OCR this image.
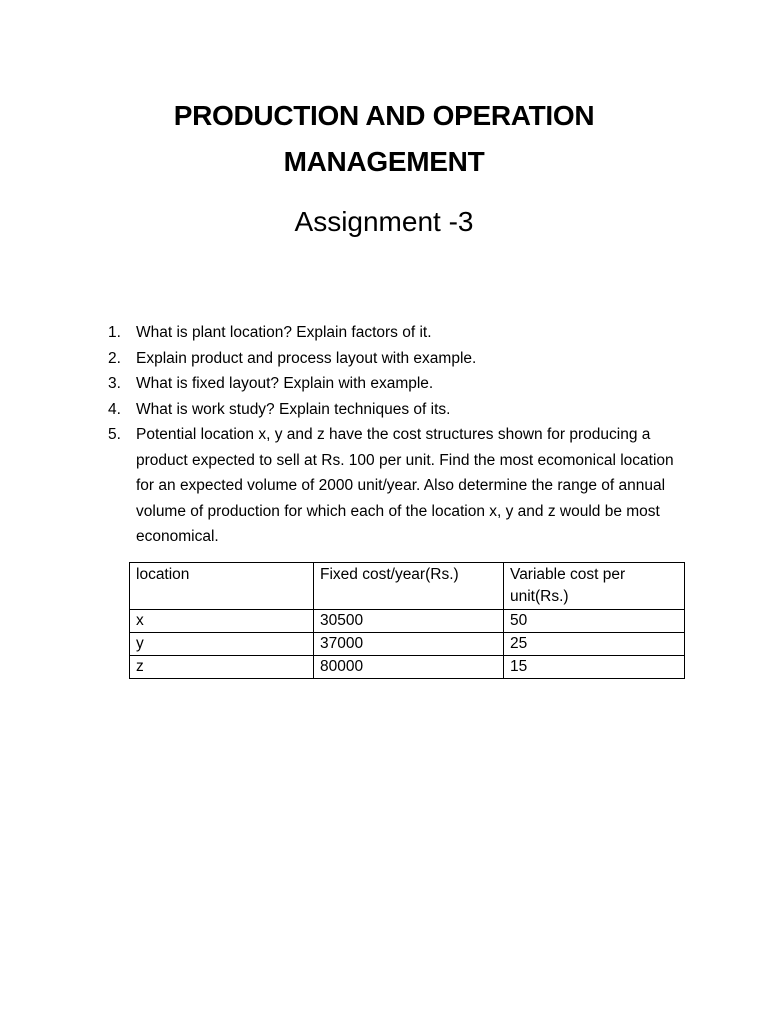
PRODUCTION AND OPERATION
MANAGEMENT
Assignment -3
1. What is plant location? Explain factors of it.
2. Explain product and process layout with example.
3. What is fixed layout? Explain with example.
4. What is work study? Explain techniques of its.
5. Potential location x, y and z have the cost structures shown for producing a product expected to sell at Rs. 100 per unit. Find the most ecomonical location for an expected volume of 2000 unit/year. Also determine the range of annual volume of production for which each of the location x, y and z would be most economical.
location	Fixed cost/year(Rs.)	Variable cost per unit(Rs.)
x	30500	50
y	37000	25
z	80000	15
